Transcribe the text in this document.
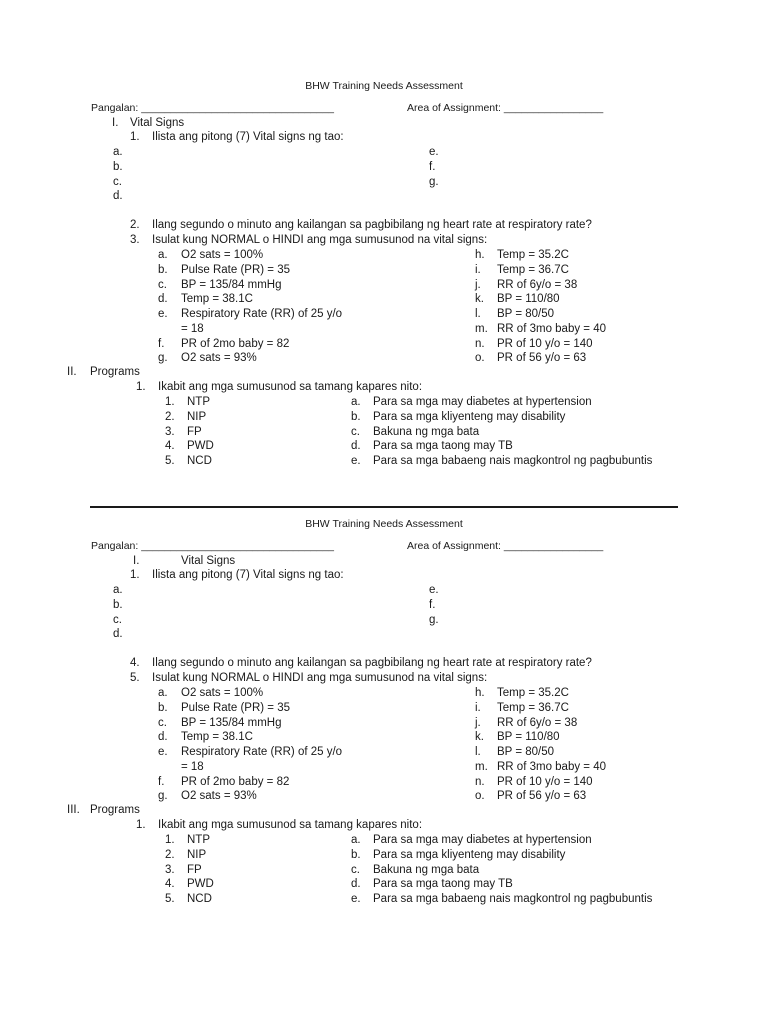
BHW Training Needs Assessment
Pangalan: _________________________________	Area of Assignment: _________________
I. Vital Signs
1. Ilista ang pitong (7) Vital signs ng tao:
a.
b.
c.
d.
e.
f.
g.
2. Ilang segundo o minuto ang kailangan sa pagbibilang ng heart rate at respiratory rate?
3. Isulat kung NORMAL o HINDI ang mga sumusunod na vital signs:
a. O2 sats = 100%
b. Pulse Rate (PR) = 35
c. BP = 135/84 mmHg
d. Temp = 38.1C
e. Respiratory Rate (RR) of 25 y/o
= 18
f. PR of 2mo baby = 82
g. O2 sats = 93%
h. Temp = 35.2C
i. Temp = 36.7C
j. RR of 6y/o = 38
k. BP = 110/80
l. BP = 80/50
m. RR of 3mo baby = 40
n. PR of 10 y/o = 140
o. PR of 56 y/o = 63
II. Programs
1. Ikabit ang mga sumusunod sa tamang kapares nito:
1. NTP
2. NIP
3. FP
4. PWD
5. NCD
a. Para sa mga may diabetes at hypertension
b. Para sa mga kliyenteng may disability
c. Bakuna ng mga bata
d. Para sa mga taong may TB
e. Para sa mga babaeng nais magkontrol ng pagbubuntis
BHW Training Needs Assessment
Pangalan: _________________________________	Area of Assignment: _________________
I.	Vital Signs
1. Ilista ang pitong (7) Vital signs ng tao:
a.
b.
c.
d.
e.
f.
g.
4. Ilang segundo o minuto ang kailangan sa pagbibilang ng heart rate at respiratory rate?
5. Isulat kung NORMAL o HINDI ang mga sumusunod na vital signs:
a. O2 sats = 100%
b. Pulse Rate (PR) = 35
c. BP = 135/84 mmHg
d. Temp = 38.1C
e. Respiratory Rate (RR) of 25 y/o
= 18
f. PR of 2mo baby = 82
g. O2 sats = 93%
h. Temp = 35.2C
i. Temp = 36.7C
j. RR of 6y/o = 38
k. BP = 110/80
l. BP = 80/50
m. RR of 3mo baby = 40
n. PR of 10 y/o = 140
o. PR of 56 y/o = 63
III. Programs
1. Ikabit ang mga sumusunod sa tamang kapares nito:
1. NTP
2. NIP
3. FP
4. PWD
5. NCD
a. Para sa mga may diabetes at hypertension
b. Para sa mga kliyenteng may disability
c. Bakuna ng mga bata
d. Para sa mga taong may TB
e. Para sa mga babaeng nais magkontrol ng pagbubuntis
